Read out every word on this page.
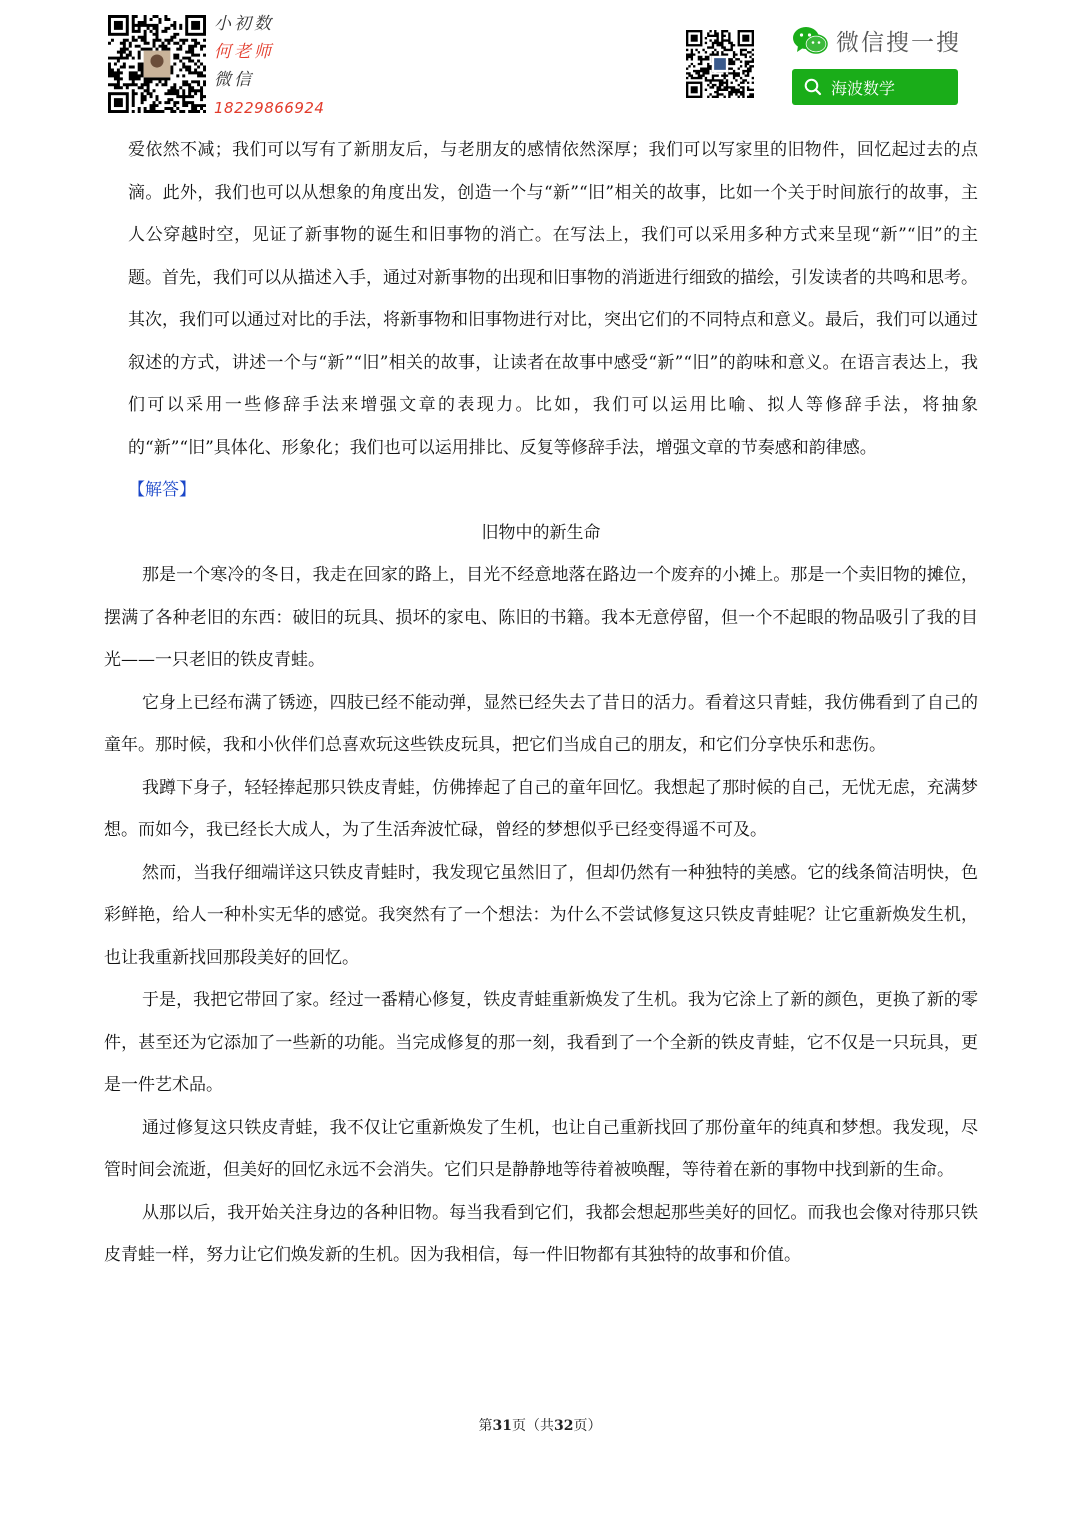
小初数
何老师
微信
18229866924
微信搜一搜
海波数学

爱依然不减；我们可以写有了新朋友后，与老朋友的感情依然深厚；我们可以写家里的旧物件，回忆起过去的点滴。此外，我们也可以从想象的角度出发，创造一个与“新”“旧”相关的故事，比如一个关于时间旅行的故事，主人公穿越时空，见证了新事物的诞生和旧事物的消亡。在写法上，我们可以采用多种方式来呈现“新”“旧”的主题。首先，我们可以从描述入手，通过对新事物的出现和旧事物的消逝进行细致的描绘，引发读者的共鸣和思考。其次，我们可以通过对比的手法，将新事物和旧事物进行对比，突出它们的不同特点和意义。最后，我们可以通过叙述的方式，讲述一个与“新”“旧”相关的故事，让读者在故事中感受“新”“旧”的韵味和意义。在语言表达上，我们可以采用一些修辞手法来增强文章的表现力。比如，我们可以运用比喻、拟人等修辞手法，将抽象的“新”“旧”具体化、形象化；我们也可以运用排比、反复等修辞手法，增强文章的节奏感和韵律感。

【解答】

旧物中的新生命

那是一个寒冷的冬日，我走在回家的路上，目光不经意地落在路边一个废弃的小摊上。那是一个卖旧物的摊位，摆满了各种老旧的东西：破旧的玩具、损坏的家电、陈旧的书籍。我本无意停留，但一个不起眼的物品吸引了我的目光——一只老旧的铁皮青蛙。

它身上已经布满了锈迹，四肢已经不能动弹，显然已经失去了昔日的活力。看着这只青蛙，我仿佛看到了自己的童年。那时候，我和小伙伴们总喜欢玩这些铁皮玩具，把它们当成自己的朋友，和它们分享快乐和悲伤。

我蹲下身子，轻轻捧起那只铁皮青蛙，仿佛捧起了自己的童年回忆。我想起了那时候的自己，无忧无虑，充满梦想。而如今，我已经长大成人，为了生活奔波忙碌，曾经的梦想似乎已经变得遥不可及。

然而，当我仔细端详这只铁皮青蛙时，我发现它虽然旧了，但却仍然有一种独特的美感。它的线条简洁明快，色彩鲜艳，给人一种朴实无华的感觉。我突然有了一个想法：为什么不尝试修复这只铁皮青蛙呢？让它重新焕发生机，也让我重新找回那段美好的回忆。

于是，我把它带回了家。经过一番精心修复，铁皮青蛙重新焕发了生机。我为它涂上了新的颜色，更换了新的零件，甚至还为它添加了一些新的功能。当完成修复的那一刻，我看到了一个全新的铁皮青蛙，它不仅是一只玩具，更是一件艺术品。

通过修复这只铁皮青蛙，我不仅让它重新焕发了生机，也让自己重新找回了那份童年的纯真和梦想。我发现，尽管时间会流逝，但美好的回忆永远不会消失。它们只是静静地等待着被唤醒，等待着在新的事物中找到新的生命。

从那以后，我开始关注身边的各种旧物。每当我看到它们，我都会想起那些美好的回忆。而我也会像对待那只铁皮青蛙一样，努力让它们焕发新的生机。因为我相信，每一件旧物都有其独特的故事和价值。

第31页（共32页）
